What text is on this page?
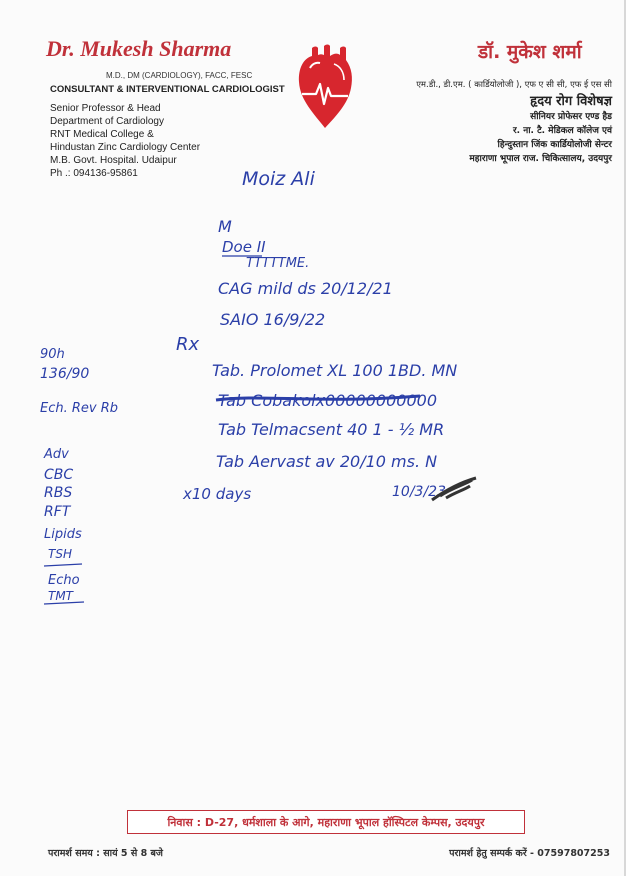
Dr. Mukesh Sharma
M.D., DM (CARDIOLOGY), FACC, FESC
CONSULTANT & INTERVENTIONAL CARDIOLOGIST
Senior Professor & Head
Department of Cardiology
RNT Medical College &
Hindustan Zinc Cardiology Center
M.B. Govt. Hospital. Udaipur
Ph .: 094136-95861
डॉ. मुकेश शर्मा
एम.डी., डी.एम. ( कार्डियोलोजी ), एफ ए सी सी, एफ ई एस सी
हृदय रोग विशेषज्ञ
सीनियर प्रोफेसर एण्ड हैड
र. ना. टै. मेडिकल कॉलेज एवं
हिन्दुस्तान जिंक कार्डियोलोजी सेन्टर
महाराणा भूपाल राज. चिकित्सालय, उदयपुर
Moiz Ali
M
Doe II
TTTTTME.
CAG mild ds 20/12/21
SAIO 16/9/22
Rx
Tab. Prolomet XL 100 1BD. MN
Tab Cobakolx00000000000
Tab Telmacsent 40 1 - ½ MR
Tab Aervast av 20/10 ms. N
x10 days	10/3/23
90h
136/90
Ech. Rev Rb
Adv
CBC
RBS
RFT
Lipids
TSH
Echo
TMT
निवास : D-27, धर्मशाला के आगे, महाराणा भूपाल हॉस्पिटल केम्पस, उदयपुर
परामर्श समय : सायं 5 से 8 बजे	परामर्श हेतु सम्पर्क करें - 07597807253
